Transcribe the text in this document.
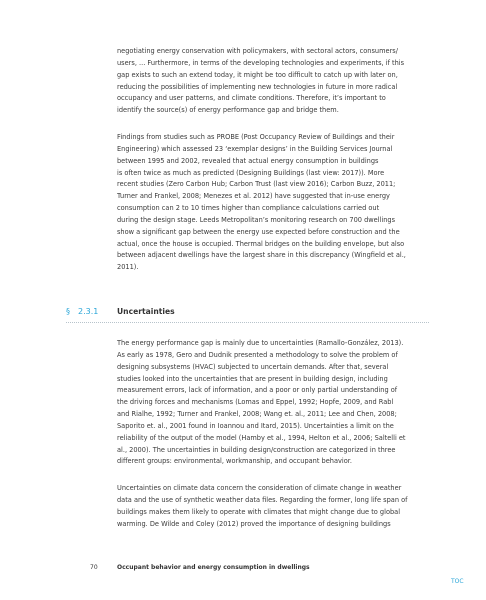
negotiating energy conservation with policymakers, with sectoral actors, consumers/
users, ... Furthermore, in terms of the developing technologies and experiments, if this
gap exists to such an extend today, it might be too difficult to catch up with later on,
reducing the possibilities of implementing new technologies in future in more radical
occupancy and user patterns, and climate conditions. Therefore, it’s important to
identify the source(s) of energy performance gap and bridge them.
Findings from studies such as PROBE (Post Occupancy Review of Buildings and their
Engineering) which assessed 23 ‘exemplar designs’ in the Building Services Journal
between 1995 and 2002, revealed that actual energy consumption in buildings
is often twice as much as predicted (Designing Buildings (last view: 2017)). More
recent studies (Zero Carbon Hub; Carbon Trust (last view 2016); Carbon Buzz, 2011;
Turner and Frankel, 2008; Menezes et al. 2012) have suggested that in-use energy
consumption can 2 to 10 times higher than compliance calculations carried out
during the design stage. Leeds Metropolitan’s monitoring research on 700 dwellings
show a significant gap between the energy use expected before construction and the
actual, once the house is occupied. Thermal bridges on the building envelope, but also
between adjacent dwellings have the largest share in this discrepancy (Wingfield et al.,
2011).
§ 2.3.1 Uncertainties
The energy performance gap is mainly due to uncertainties (Ramallo-González, 2013).
As early as 1978, Gero and Dudnik presented a methodology to solve the problem of
designing subsystems (HVAC) subjected to uncertain demands. After that, several
studies looked into the uncertainties that are present in building design, including
measurement errors, lack of information, and a poor or only partial understanding of
the driving forces and mechanisms (Lomas and Eppel, 1992; Hopfe, 2009, and Rabl
and Rialhe, 1992; Turner and Frankel, 2008; Wang et. al., 2011; Lee and Chen, 2008;
Saporito et. al., 2001 found in Ioannou and Itard, 2015). Uncertainties a limit on the
reliability of the output of the model (Hamby et al., 1994, Helton et al., 2006; Saltelli et
al., 2000). The uncertainties in building design/construction are categorized in three
different groups: environmental, workmanship, and occupant behavior.
Uncertainties on climate data concern the consideration of climate change in weather
data and the use of synthetic weather data files. Regarding the former, long life span of
buildings makes them likely to operate with climates that might change due to global
warming. De Wilde and Coley (2012) proved the importance of designing buildings
70	Occupant behavior and energy consumption in dwellings
TOC
